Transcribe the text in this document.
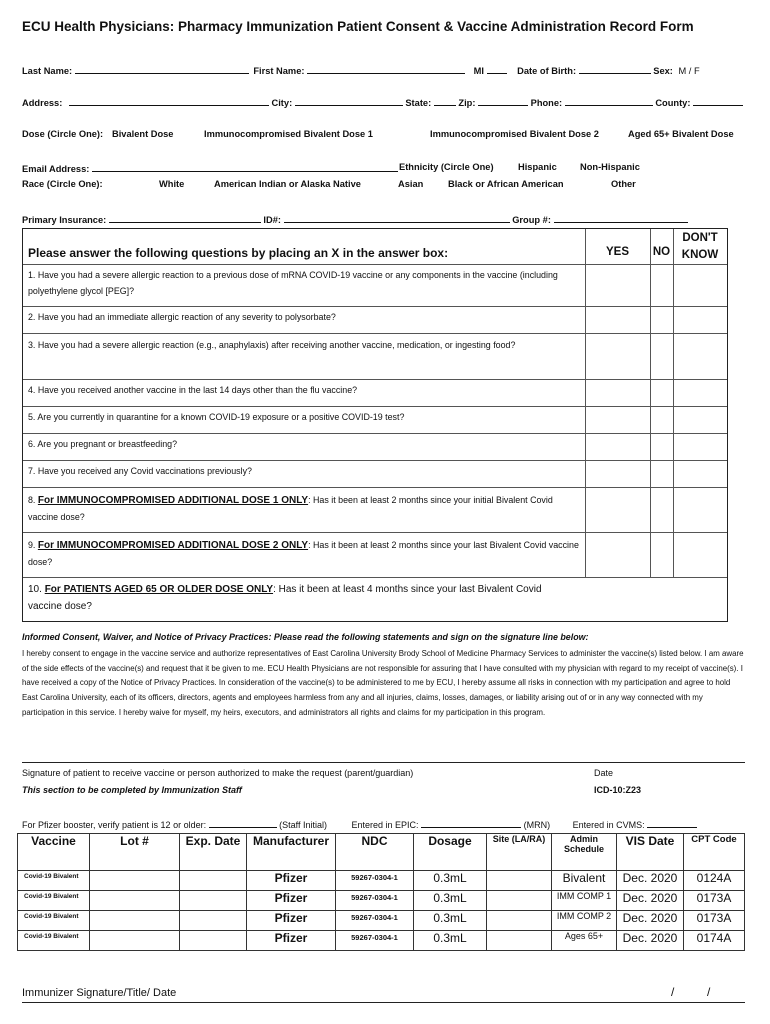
ECU Health Physicians: Pharmacy Immunization Patient Consent & Vaccine Administration Record Form
Last Name:	First Name:	MI	Date of Birth:	Sex: M / F
Address:	City:	State:	Zip:	Phone:	County:
Dose (Circle One): Bivalent Dose	Immunocompromised Bivalent Dose 1	Immunocompromised Bivalent Dose 2	Aged 65+ Bivalent Dose
Email Address:	Ethnicity (Circle One)	Hispanic	Non-Hispanic
Race (Circle One):	White	American Indian or Alaska Native	Asian	Black or African American	Other
Primary Insurance:	ID#:	Group #:
Please answer the following questions by placing an X in the answer box:	YES	NO
DON'T
KNOW
1. Have you had a severe allergic reaction to a previous dose of mRNA COVID-19 vaccine or any components in the vaccine (including polyethylene glycol [PEG]?
2. Have you had an immediate allergic reaction of any severity to polysorbate?
3. Have you had a severe allergic reaction (e.g., anaphylaxis) after receiving another vaccine, medication, or ingesting food?
4. Have you received another vaccine in the last 14 days other than the flu vaccine?
5. Are you currently in quarantine for a known COVID-19 exposure or a positive COVID-19 test?
6. Are you pregnant or breastfeeding?
7. Have you received any Covid vaccinations previously?
8. For IMMUNOCOMPROMISED ADDITIONAL DOSE 1 ONLY: Has it been at least 2 months since your initial Bivalent Covid vaccine dose?
9. For IMMUNOCOMPROMISED ADDITIONAL DOSE 2 ONLY: Has it been at least 2 months since your last Bivalent Covid vaccine dose?
10. For PATIENTS AGED 65 OR OLDER DOSE ONLY: Has it been at least 4 months since your last Bivalent Covid vaccine dose?
Informed Consent, Waiver, and Notice of Privacy Practices: Please read the following statements and sign on the signature line below:
I hereby consent to engage in the vaccine service and authorize representatives of East Carolina University Brody School of Medicine Pharmacy Services to administer the vaccine(s) listed below. I am aware of the side effects of the vaccine(s) and request that it be given to me. ECU Health Physicians are not responsible for assuring that I have consulted with my physician with regard to my receipt of vaccine(s). I have received a copy of the Notice of Privacy Practices. In consideration of the vaccine(s) to be administered to me by ECU, I hereby assume all risks in connection with my participation and agree to hold East Carolina University, each of its officers, directors, agents and employees harmless from any and all injuries, claims, losses, damages, or liability arising out of or in any way connected with my participation in this service. I hereby waive for myself, my heirs, executors, and administrators all rights and claims for my participation in this program.
Signature of patient to receive vaccine or person authorized to make the request (parent/guardian)	Date
This section to be completed by Immunization Staff	ICD-10:Z23
For Pfizer booster, verify patient is 12 or older:	(Staff Initial)	Entered in EPIC:	(MRN)	Entered in CVMS:
Vaccine	Lot #	Exp. Date	Manufacturer	NDC	Dosage	Site (LA/RA)	Admin Schedule	VIS Date	CPT Code
Covid-19 Bivalent			Pfizer	59267-0304-1	0.3mL		Bivalent	Dec. 2020	0124A
Covid-19 Bivalent			Pfizer	59267-0304-1	0.3mL		IMM COMP 1	Dec. 2020	0173A
Covid-19 Bivalent			Pfizer	59267-0304-1	0.3mL		IMM COMP 2	Dec. 2020	0173A
Covid-19 Bivalent			Pfizer	59267-0304-1	0.3mL		Ages 65+	Dec. 2020	0174A
Immunizer Signature/Title/ Date	/	/
